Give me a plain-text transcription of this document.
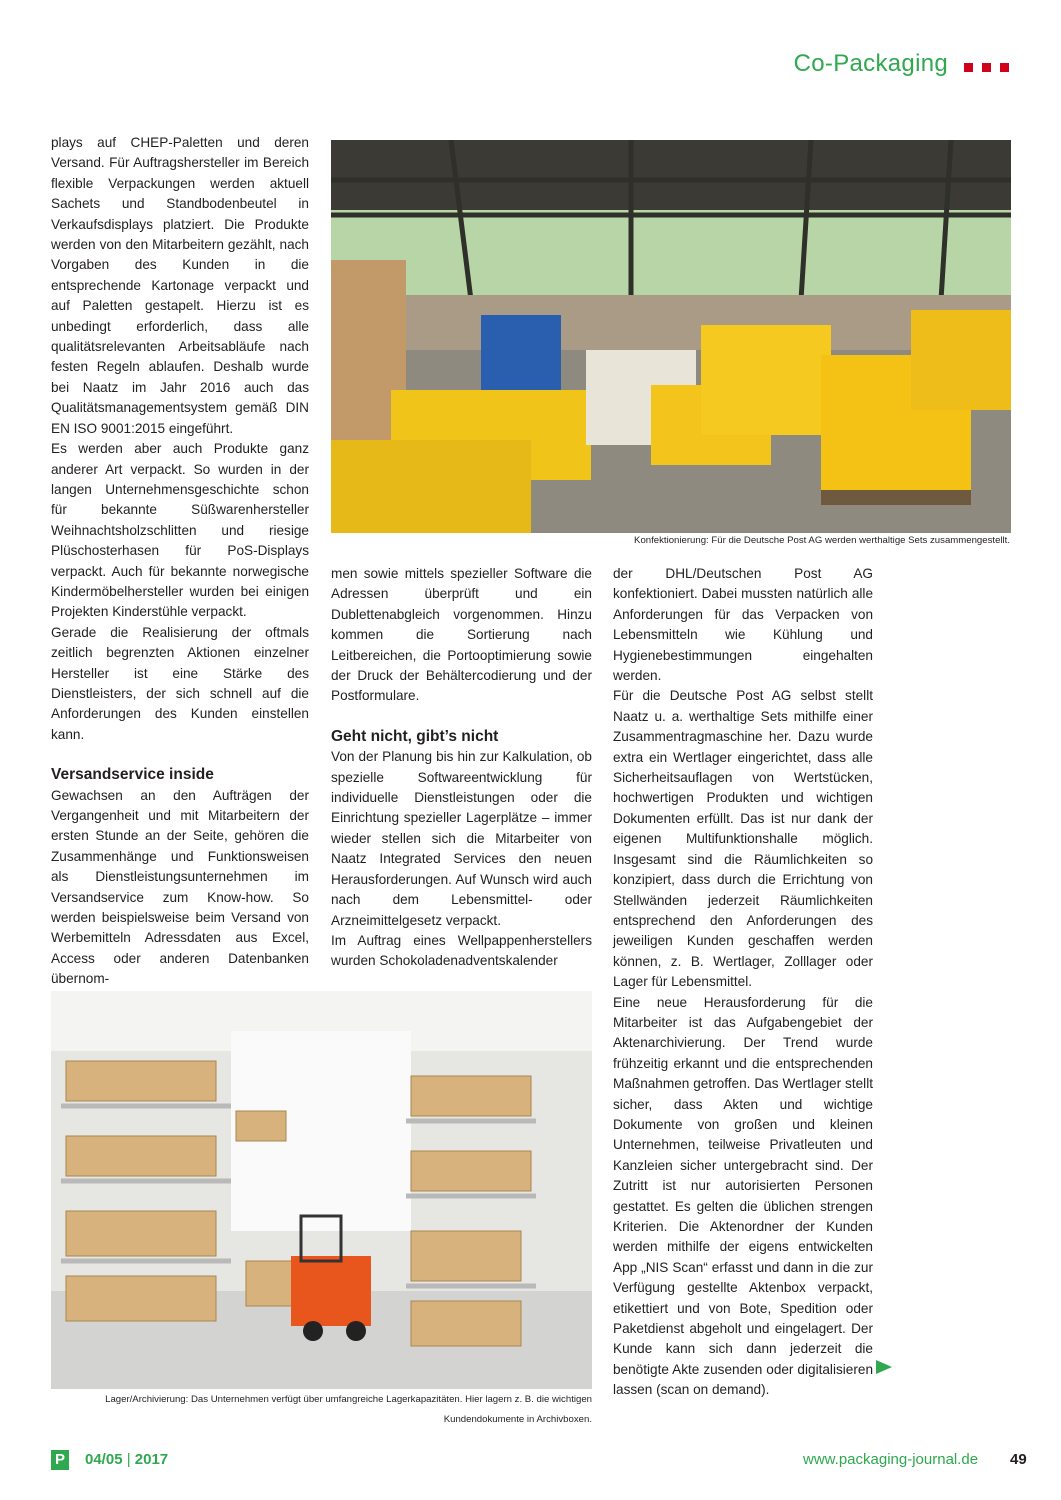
Co-Packaging
Konfektionierung: Für die Deutsche Post AG werden werthaltige Sets zusammengestellt.

plays auf CHEP-Paletten und deren Versand. Für Auftragshersteller im Bereich flexible Verpackungen werden aktuell Sachets und Standbodenbeutel in Verkaufsdisplays platziert. Die Produkte werden von den Mitarbeitern gezählt, nach Vorgaben des Kunden in die entsprechende Kartonage verpackt und auf Paletten gestapelt. Hierzu ist es unbedingt erforderlich, dass alle qualitätsrelevanten Arbeitsabläufe nach festen Regeln ablaufen. Deshalb wurde bei Naatz im Jahr 2016 auch das Qualitätsmanagementsystem gemäß DIN EN ISO 9001:2015 eingeführt.

Es werden aber auch Produkte ganz anderer Art verpackt. So wurden in der langen Unternehmensgeschichte schon für bekannte Süßwarenhersteller Weihnachtsholzschlitten und riesige Plüschosterhasen für PoS-Displays verpackt. Auch für bekannte norwegische Kindermöbelhersteller wurden bei einigen Projekten Kinderstühle verpackt.

Gerade die Realisierung der oftmals zeitlich begrenzten Aktionen einzelner Hersteller ist eine Stärke des Dienstleisters, der sich schnell auf die Anforderungen des Kunden einstellen kann.

Versandservice inside

Gewachsen an den Aufträgen der Vergangenheit und mit Mitarbeitern der ersten Stunde an der Seite, gehören die Zusammenhänge und Funktionsweisen als Dienstleistungsunternehmen im Versandservice zum Know-how. So werden beispielsweise beim Versand von Werbemitteln Adressdaten aus Excel, Access oder anderen Datenbanken übernom-

men sowie mittels spezieller Software die Adressen überprüft und ein Dublettenabgleich vorgenommen. Hinzu kommen die Sortierung nach Leitbereichen, die Portooptimierung sowie der Druck der Behältercodierung und der Postformulare.

Geht nicht, gibt’s nicht

Von der Planung bis hin zur Kalkulation, ob spezielle Softwareentwicklung für individuelle Dienstleistungen oder die Einrichtung spezieller Lagerplätze – immer wieder stellen sich die Mitarbeiter von Naatz Integrated Services den neuen Herausforderungen. Auf Wunsch wird auch nach dem Lebensmittel- oder Arzneimittelgesetz verpackt.

Im Auftrag eines Wellpappenherstellers wurden Schokoladenadventskalender

der DHL/Deutschen Post AG konfektioniert. Dabei mussten natürlich alle Anforderungen für das Verpacken von Lebensmitteln wie Kühlung und Hygienebestimmungen eingehalten werden.

Für die Deutsche Post AG selbst stellt Naatz u. a. werthaltige Sets mithilfe einer Zusammentragmaschine her. Dazu wurde extra ein Wertlager eingerichtet, dass alle Sicherheitsauflagen von Wertstücken, hochwertigen Produkten und wichtigen Dokumenten erfüllt. Das ist nur dank der eigenen Multifunktionshalle möglich. Insgesamt sind die Räumlichkeiten so konzipiert, dass durch die Errichtung von Stellwänden jederzeit Räumlichkeiten entsprechend den Anforderungen des jeweiligen Kunden geschaffen werden können, z. B. Wertlager, Zolllager oder Lager für Lebensmittel.

Eine neue Herausforderung für die Mitarbeiter ist das Aufgabengebiet der Aktenarchivierung. Der Trend wurde frühzeitig erkannt und die entsprechenden Maßnahmen getroffen. Das Wertlager stellt sicher, dass Akten und wichtige Dokumente von großen und kleinen Unternehmen, teilweise Privatleuten und Kanzleien sicher untergebracht sind. Der Zutritt ist nur autorisierten Personen gestattet. Es gelten die üblichen strengen Kriterien. Die Aktenordner der Kunden werden mithilfe der eigens entwickelten App „NIS Scan“ erfasst und dann in die zur Verfügung gestellte Aktenbox verpackt, etikettiert und von Bote, Spedition oder Paketdienst abgeholt und eingelagert. Der Kunde kann sich dann jederzeit die benötigte Akte zusenden oder digitalisieren lassen (scan on demand).

Lager/Archivierung: Das Unternehmen verfügt über umfangreiche Lagerkapazitäten. Hier lagern z. B. die wichtigen
Kundendokumente in Archivboxen.
P 04/05 | 2017	www.packaging-journal.de 49
